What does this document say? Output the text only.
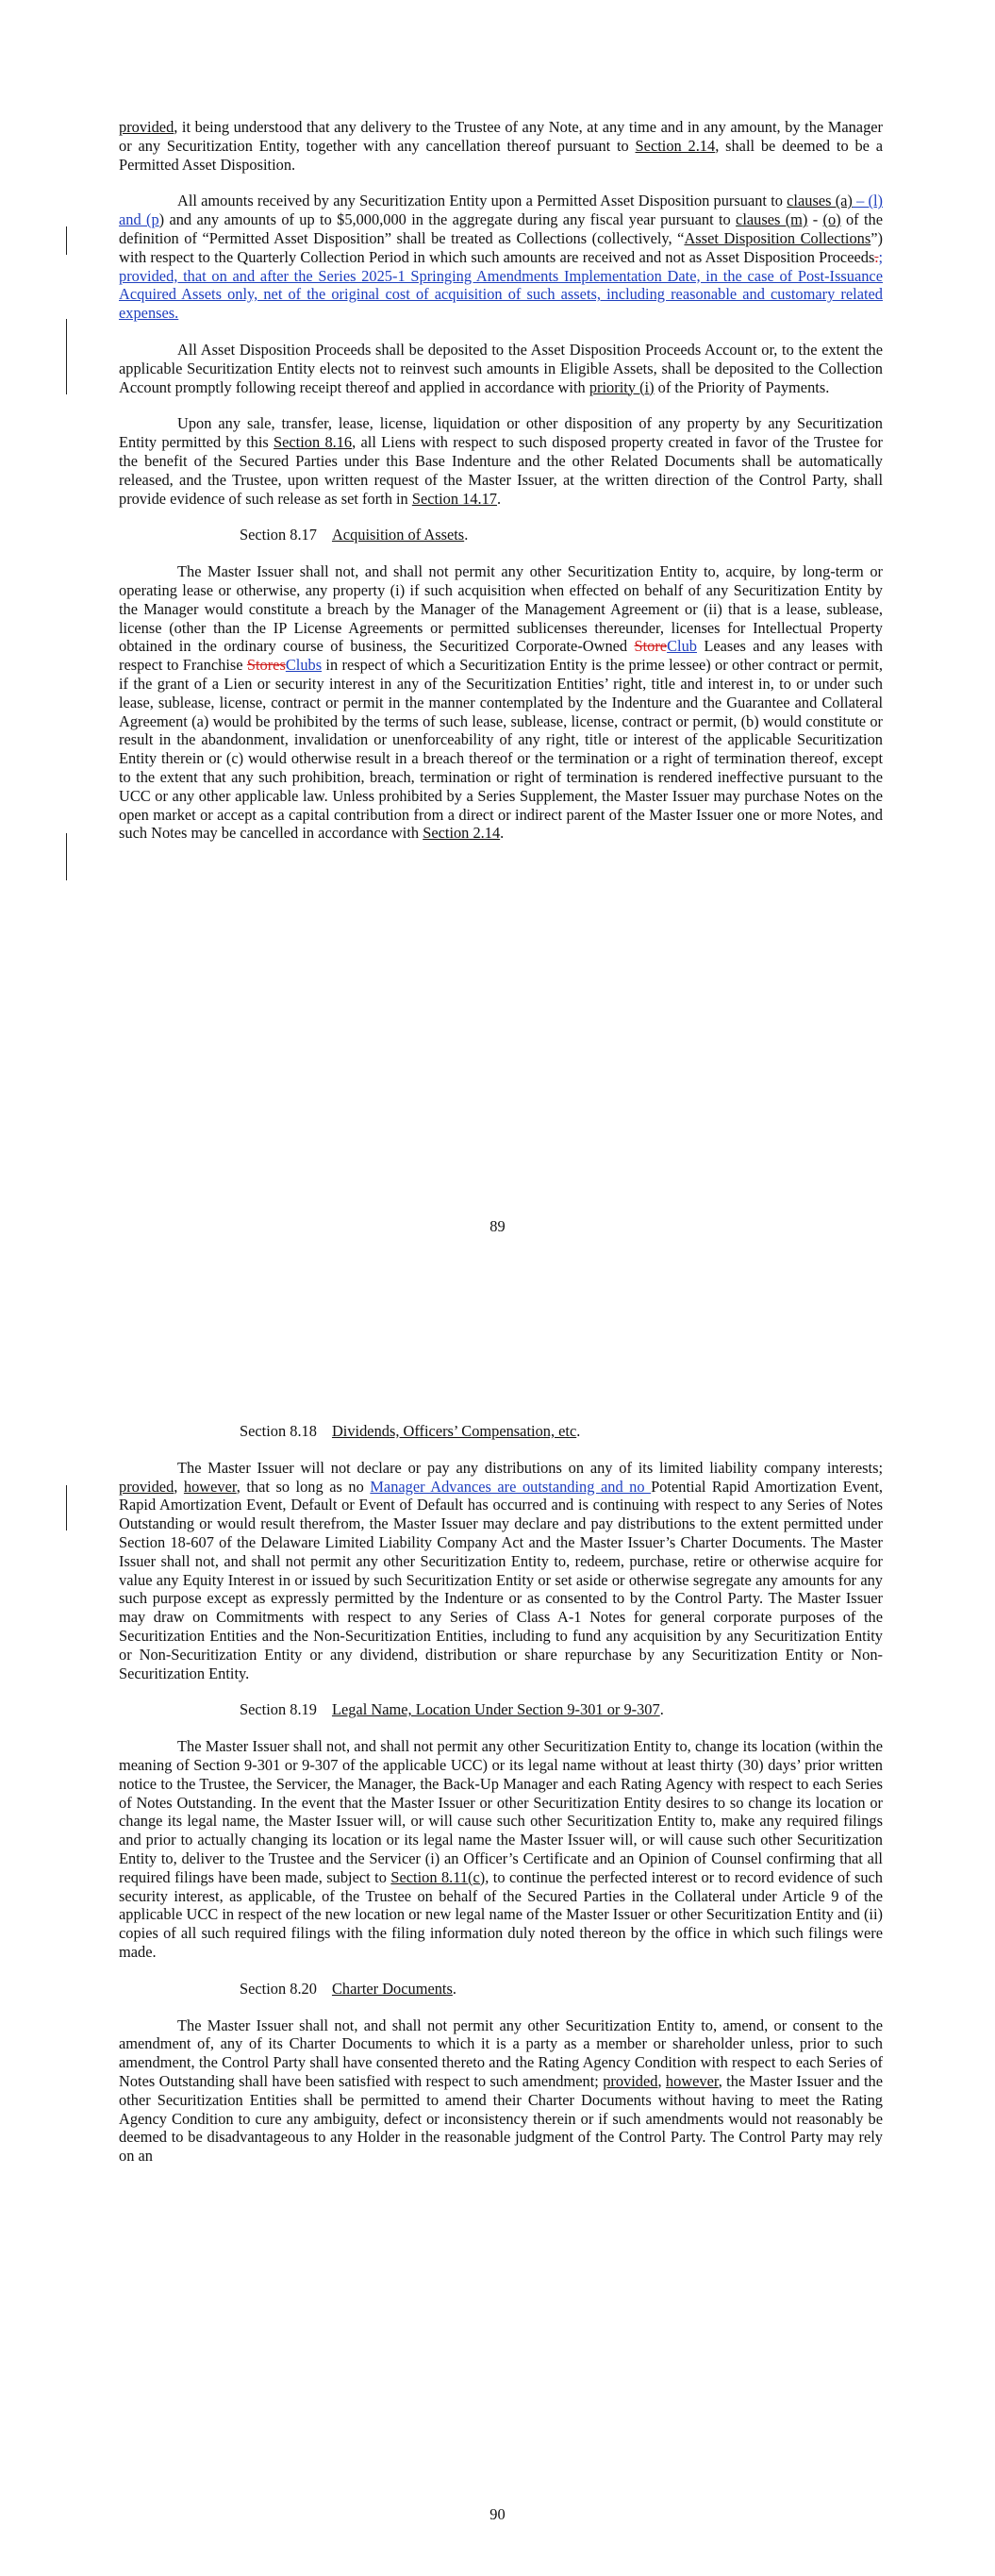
provided, it being understood that any delivery to the Trustee of any Note, at any time and in any amount, by the Manager or any Securitization Entity, together with any cancellation thereof pursuant to Section 2.14, shall be deemed to be a Permitted Asset Disposition.

All amounts received by any Securitization Entity upon a Permitted Asset Disposition pursuant to clauses (a) – (l) and (p) and any amounts of up to $5,000,000 in the aggregate during any fiscal year pursuant to clauses (m) - (o) of the definition of “Permitted Asset Disposition” shall be treated as Collections (collectively, “Asset Disposition Collections”) with respect to the Quarterly Collection Period in which such amounts are received and not as Asset Disposition Proceeds.; provided, that on and after the Series 2025-1 Springing Amendments Implementation Date, in the case of Post-Issuance Acquired Assets only, net of the original cost of acquisition of such assets, including reasonable and customary related expenses.

All Asset Disposition Proceeds shall be deposited to the Asset Disposition Proceeds Account or, to the extent the applicable Securitization Entity elects not to reinvest such amounts in Eligible Assets, shall be deposited to the Collection Account promptly following receipt thereof and applied in accordance with priority (i) of the Priority of Payments.

Upon any sale, transfer, lease, license, liquidation or other disposition of any property by any Securitization Entity permitted by this Section 8.16, all Liens with respect to such disposed property created in favor of the Trustee for the benefit of the Secured Parties under this Base Indenture and the other Related Documents shall be automatically released, and the Trustee, upon written request of the Master Issuer, at the written direction of the Control Party, shall provide evidence of such release as set forth in Section 14.17.

Section 8.17 Acquisition of Assets.

The Master Issuer shall not, and shall not permit any other Securitization Entity to, acquire, by long-term or operating lease or otherwise, any property (i) if such acquisition when effected on behalf of any Securitization Entity by the Manager would constitute a breach by the Manager of the Management Agreement or (ii) that is a lease, sublease, license (other than the IP License Agreements or permitted sublicenses thereunder, licenses for Intellectual Property obtained in the ordinary course of business, the Securitized Corporate-Owned StoreClub Leases and any leases with respect to Franchise StoresClubs in respect of which a Securitization Entity is the prime lessee) or other contract or permit, if the grant of a Lien or security interest in any of the Securitization Entities’ right, title and interest in, to or under such lease, sublease, license, contract or permit in the manner contemplated by the Indenture and the Guarantee and Collateral Agreement (a) would be prohibited by the terms of such lease, sublease, license, contract or permit, (b) would constitute or result in the abandonment, invalidation or unenforceability of any right, title or interest of the applicable Securitization Entity therein or (c) would otherwise result in a breach thereof or the termination or a right of termination thereof, except to the extent that any such prohibition, breach, termination or right of termination is rendered ineffective pursuant to the UCC or any other applicable law. Unless prohibited by a Series Supplement, the Master Issuer may purchase Notes on the open market or accept as a capital contribution from a direct or indirect parent of the Master Issuer one or more Notes, and such Notes may be cancelled in accordance with Section 2.14.

89

Section 8.18 Dividends, Officers’ Compensation, etc.

The Master Issuer will not declare or pay any distributions on any of its limited liability company interests; provided, however, that so long as no Manager Advances are outstanding and no Potential Rapid Amortization Event, Rapid Amortization Event, Default or Event of Default has occurred and is continuing with respect to any Series of Notes Outstanding or would result therefrom, the Master Issuer may declare and pay distributions to the extent permitted under Section 18-607 of the Delaware Limited Liability Company Act and the Master Issuer’s Charter Documents. The Master Issuer shall not, and shall not permit any other Securitization Entity to, redeem, purchase, retire or otherwise acquire for value any Equity Interest in or issued by such Securitization Entity or set aside or otherwise segregate any amounts for any such purpose except as expressly permitted by the Indenture or as consented to by the Control Party. The Master Issuer may draw on Commitments with respect to any Series of Class A-1 Notes for general corporate purposes of the Securitization Entities and the Non-Securitization Entities, including to fund any acquisition by any Securitization Entity or Non-Securitization Entity or any dividend, distribution or share repurchase by any Securitization Entity or Non-Securitization Entity.

Section 8.19 Legal Name, Location Under Section 9-301 or 9-307.

The Master Issuer shall not, and shall not permit any other Securitization Entity to, change its location (within the meaning of Section 9-301 or 9-307 of the applicable UCC) or its legal name without at least thirty (30) days’ prior written notice to the Trustee, the Servicer, the Manager, the Back-Up Manager and each Rating Agency with respect to each Series of Notes Outstanding. In the event that the Master Issuer or other Securitization Entity desires to so change its location or change its legal name, the Master Issuer will, or will cause such other Securitization Entity to, make any required filings and prior to actually changing its location or its legal name the Master Issuer will, or will cause such other Securitization Entity to, deliver to the Trustee and the Servicer (i) an Officer’s Certificate and an Opinion of Counsel confirming that all required filings have been made, subject to Section 8.11(c), to continue the perfected interest or to record evidence of such security interest, as applicable, of the Trustee on behalf of the Secured Parties in the Collateral under Article 9 of the applicable UCC in respect of the new location or new legal name of the Master Issuer or other Securitization Entity and (ii) copies of all such required filings with the filing information duly noted thereon by the office in which such filings were made.

Section 8.20 Charter Documents.

The Master Issuer shall not, and shall not permit any other Securitization Entity to, amend, or consent to the amendment of, any of its Charter Documents to which it is a party as a member or shareholder unless, prior to such amendment, the Control Party shall have consented thereto and the Rating Agency Condition with respect to each Series of Notes Outstanding shall have been satisfied with respect to such amendment; provided, however, the Master Issuer and the other Securitization Entities shall be permitted to amend their Charter Documents without having to meet the Rating Agency Condition to cure any ambiguity, defect or inconsistency therein or if such amendments would not reasonably be deemed to be disadvantageous to any Holder in the reasonable judgment of the Control Party. The Control Party may rely on an

90
